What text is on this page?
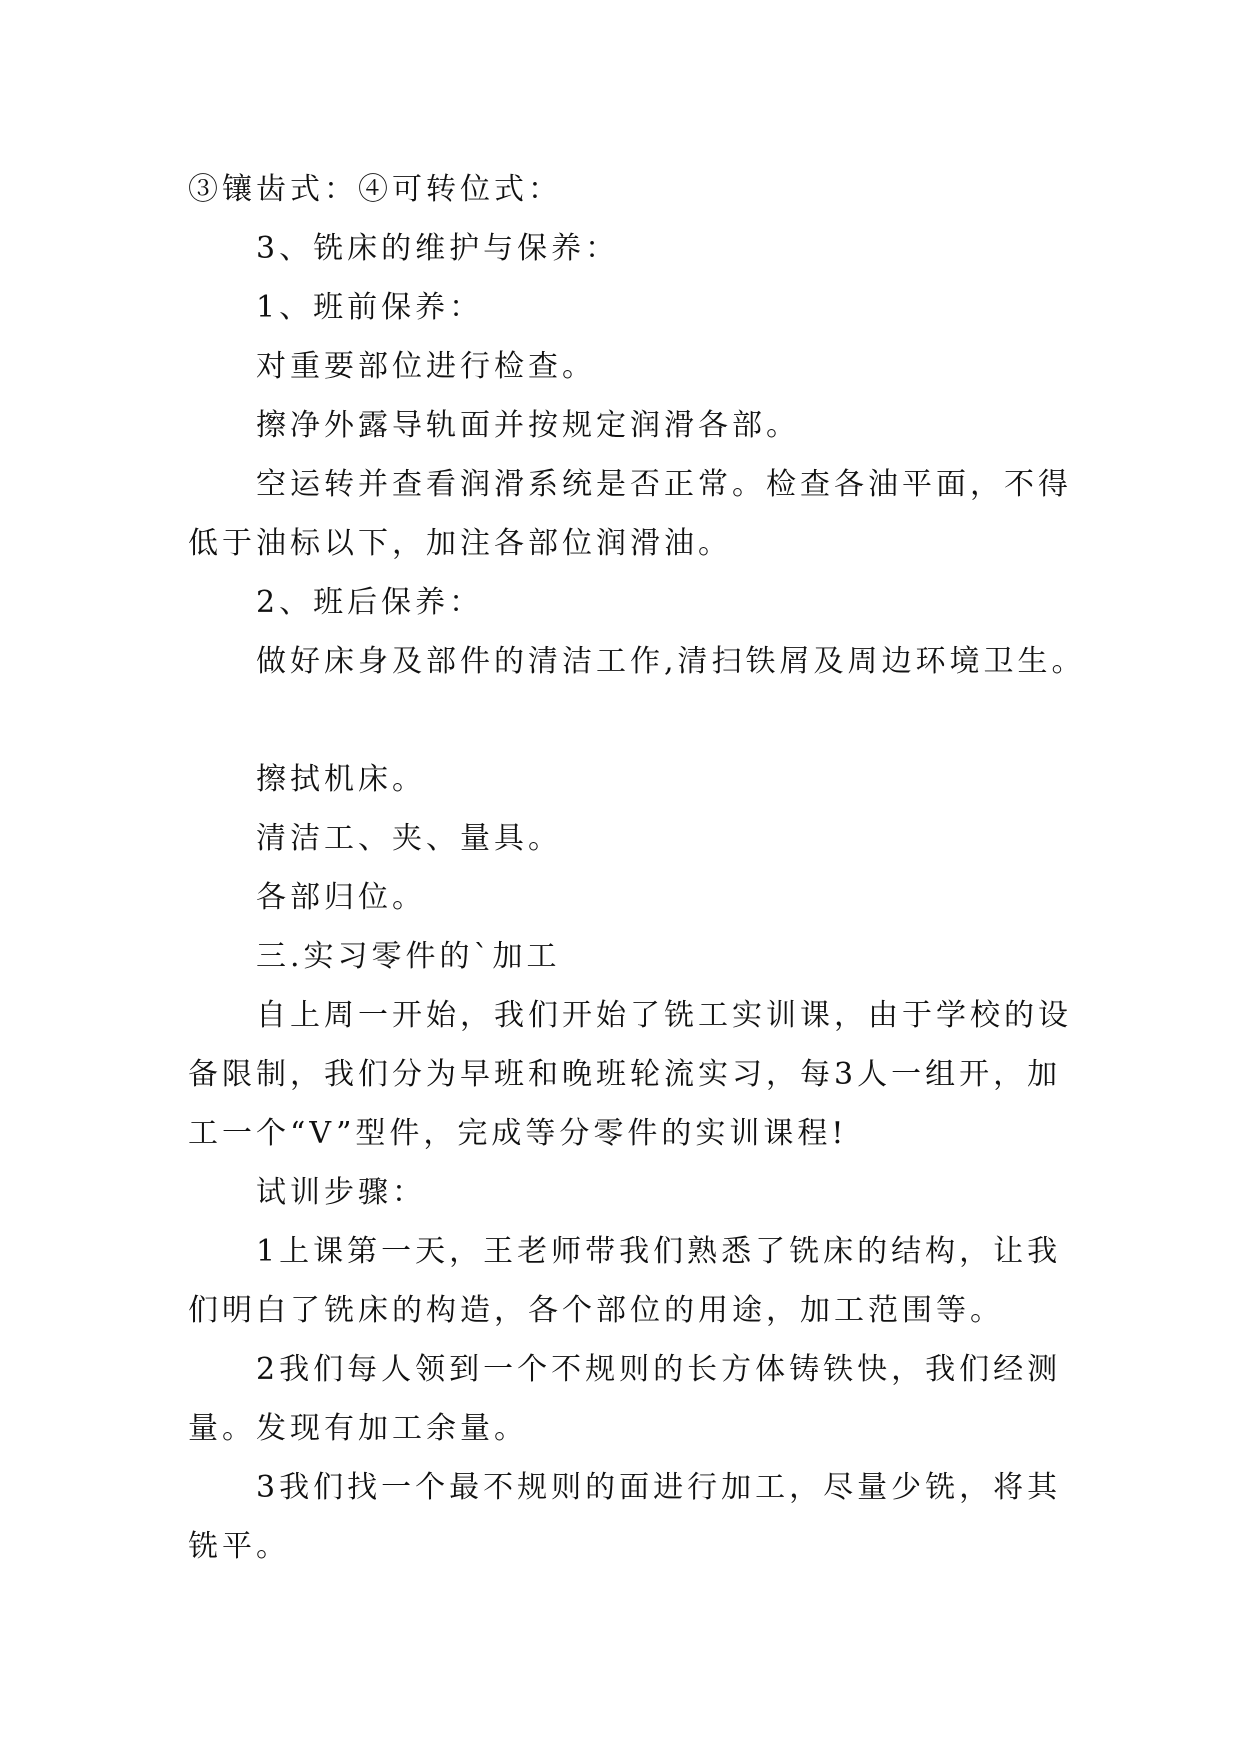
③镶齿式：④可转位式：

3、铣床的维护与保养：

1、班前保养：

对重要部位进行检查。

擦净外露导轨面并按规定润滑各部。

空运转并查看润滑系统是否正常。检查各油平面，不得

低于油标以下，加注各部位润滑油。

2、班后保养：

做好床身及部件的清洁工作,清扫铁屑及周边环境卫生。

擦拭机床。

清洁工、夹、量具。

各部归位。

三.实习零件的`加工

自上周一开始，我们开始了铣工实训课，由于学校的设

备限制，我们分为早班和晚班轮流实习，每3人一组开，加

工一个“V”型件，完成等分零件的实训课程!

试训步骤：

1上课第一天，王老师带我们熟悉了铣床的结构，让我

们明白了铣床的构造，各个部位的用途，加工范围等。

2我们每人领到一个不规则的长方体铸铁快，我们经测

量。发现有加工余量。

3我们找一个最不规则的面进行加工，尽量少铣，将其

铣平。
